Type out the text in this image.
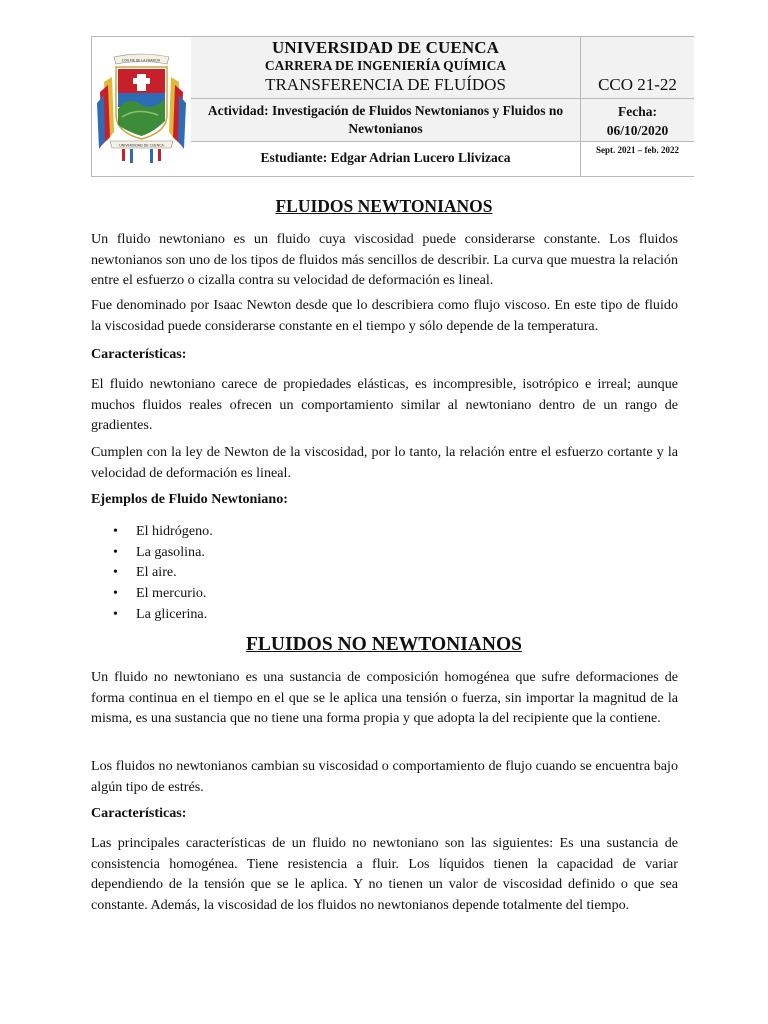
CON PIE DE LA FRANCIA
UNIVERSIDAD DE CUENCA
UNIVERSIDAD DE CUENCA
CARRERA DE INGENIERÍA QUÍMICA
TRANSFERENCIA DE FLUÍDOS
Actividad: Investigación de Fluidos Newtonianos y Fluidos no Newtonianos
Estudiante: Edgar Adrian Lucero Llivizaca
CCO 21-22
Fecha:
06/10/2020
Sept. 2021 – feb. 2022
FLUIDOS NEWTONIANOS

Un fluido newtoniano es un fluido cuya viscosidad puede considerarse constante. Los fluidos newtonianos son uno de los tipos de fluidos más sencillos de describir. La curva que muestra la relación entre el esfuerzo o cizalla contra su velocidad de deformación es lineal.

Fue denominado por Isaac Newton desde que lo describiera como flujo viscoso. En este tipo de fluido la viscosidad puede considerarse constante en el tiempo y sólo depende de la temperatura.

Características:

El fluido newtoniano carece de propiedades elásticas, es incompresible, isotrópico e irreal; aunque muchos fluidos reales ofrecen un comportamiento similar al newtoniano dentro de un rango de gradientes.

Cumplen con la ley de Newton de la viscosidad, por lo tanto, la relación entre el esfuerzo cortante y la velocidad de deformación es lineal.

Ejemplos de Fluido Newtoniano:

• El hidrógeno.
• La gasolina.
• El aire.
• El mercurio.
• La glicerina.
FLUIDOS NO NEWTONIANOS

Un fluido no newtoniano es una sustancia de composición homogénea que sufre deformaciones de forma continua en el tiempo en el que se le aplica una tensión o fuerza, sin importar la magnitud de la misma, es una sustancia que no tiene una forma propia y que adopta la del recipiente que la contiene.

Los fluidos no newtonianos cambian su viscosidad o comportamiento de flujo cuando se encuentra bajo algún tipo de estrés.

Características:

Las principales características de un fluido no newtoniano son las siguientes: Es una sustancia de consistencia homogénea. Tiene resistencia a fluir. Los líquidos tienen la capacidad de variar dependiendo de la tensión que se le aplica. Y no tienen un valor de viscosidad definido o que sea constante. Además, la viscosidad de los fluidos no newtonianos depende totalmente del tiempo.
